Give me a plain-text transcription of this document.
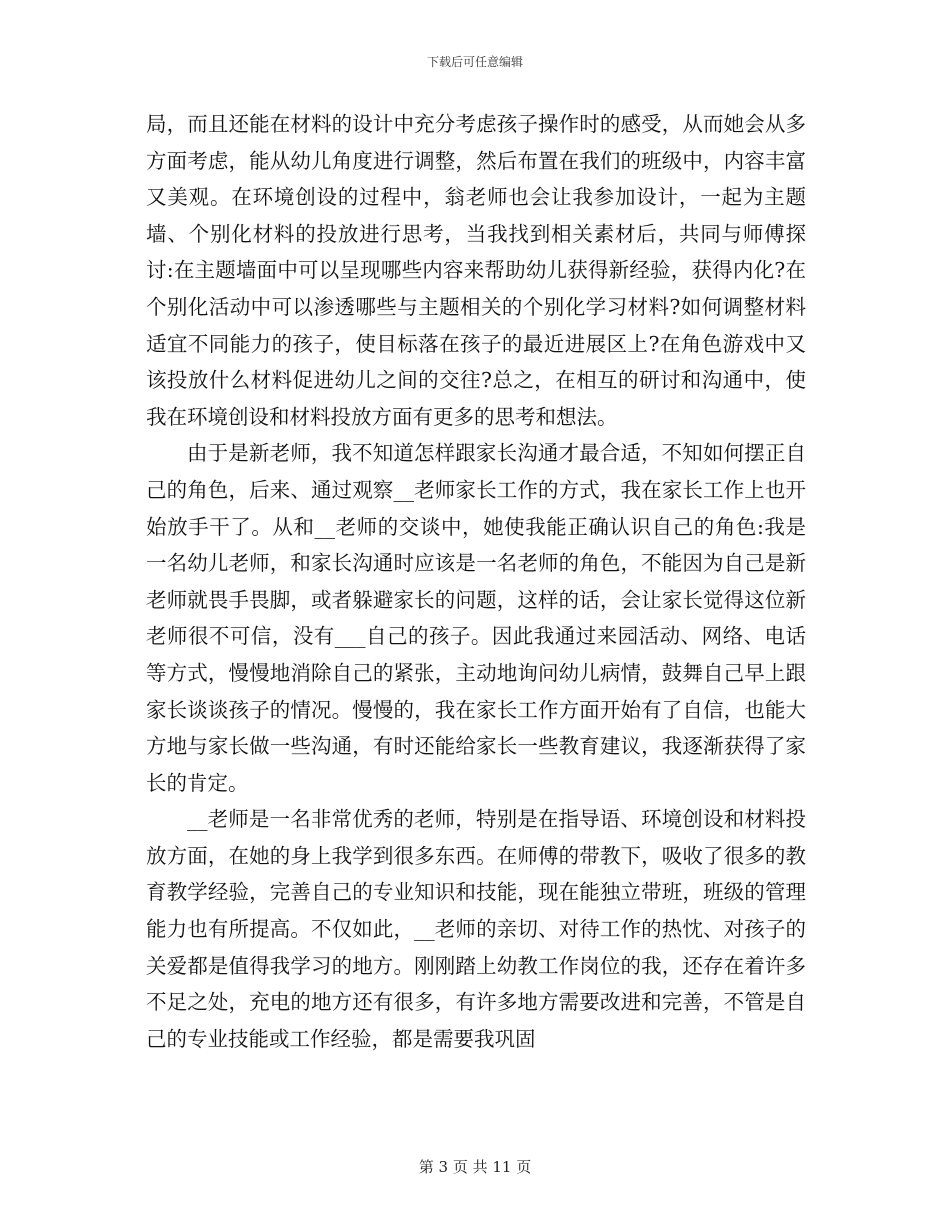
下载后可任意编辑

局，而且还能在材料的设计中充分考虑孩子操作时的感受，从而她会从多方面考虑，能从幼儿角度进行调整，然后布置在我们的班级中，内容丰富又美观。在环境创设的过程中，翁老师也会让我参加设计，一起为主题墙、个别化材料的投放进行思考，当我找到相关素材后，共同与师傅探讨:在主题墙面中可以呈现哪些内容来帮助幼儿获得新经验，获得内化?在个别化活动中可以渗透哪些与主题相关的个别化学习材料?如何调整材料适宜不同能力的孩子，使目标落在孩子的最近进展区上?在角色游戏中又该投放什么材料促进幼儿之间的交往?总之，在相互的研讨和沟通中，使我在环境创设和材料投放方面有更多的思考和想法。

由于是新老师，我不知道怎样跟家长沟通才最合适，不知如何摆正自己的角色，后来、通过观察__老师家长工作的方式，我在家长工作上也开始放手干了。从和__老师的交谈中，她使我能正确认识自己的角色:我是一名幼儿老师，和家长沟通时应该是一名老师的角色，不能因为自己是新老师就畏手畏脚，或者躲避家长的问题，这样的话，会让家长觉得这位新老师很不可信，没有___自己的孩子。因此我通过来园活动、网络、电话等方式，慢慢地消除自己的紧张，主动地询问幼儿病情，鼓舞自己早上跟家长谈谈孩子的情况。慢慢的，我在家长工作方面开始有了自信，也能大方地与家长做一些沟通，有时还能给家长一些教育建议，我逐渐获得了家长的肯定。

__老师是一名非常优秀的老师，特别是在指导语、环境创设和材料投放方面，在她的身上我学到很多东西。在师傅的带教下，吸收了很多的教育教学经验，完善自己的专业知识和技能，现在能独立带班，班级的管理能力也有所提高。不仅如此，__老师的亲切、对待工作的热忱、对孩子的关爱都是值得我学习的地方。刚刚踏上幼教工作岗位的我，还存在着许多不足之处，充电的地方还有很多，有许多地方需要改进和完善，不管是自己的专业技能或工作经验，都是需要我巩固

第 3 页 共 11 页
